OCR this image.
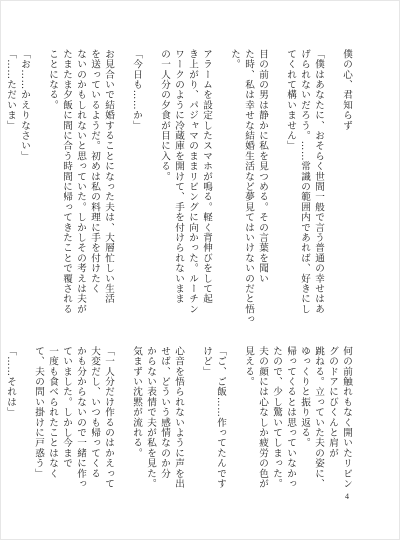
僕の心、君知らず

「僕はあなたに、おそらく世間一般で言う普通の幸せはあ
げられないだろう。……常識の範囲内であれば、好きにし
てくれて構いません」

目の前の男は静かに私を見つめる。その言葉を聞い
た時、私は幸せな結婚生活など夢見てはいけないのだと悟った。

アラームを設定したスマホが鳴る。軽く背伸びをして起
き上がり、パジャマのままリビングに向かった。ルーチン
ワークのように冷蔵庫を開けて、手を付けられないまま
の一人分の夕食が目に入る。

「今日も……か」

お見合いで結婚することになった夫は、大層忙しい生活
を送っているようだ。初めは私の料理に手を付けたく
ないのかもしれないと思っていた。しかしその考えは夫が
たまたま夕飯に間に合う時間に帰ってきたことで覆される
ことになる。

「お……かえりなさい」
「……ただいま」
何の前触れもなく開いたリビングのドアにびくんと肩が
跳ねる。立っていた夫の姿に、ゆっくりと振り返る。
帰ってくるとは思っていなかったので、少し驚いてしまった。
夫の顔には心なしか疲労の色が見える。

「ご、ご飯……作ってたんですけど」

心音を悟られないように声を出せば、どういう感情なのか分
からない表情で夫が私を見た。気まずい沈黙が流れる。

「一人分だけ作るのはかえって大変だし、いつも帰ってくる
かも分からないので一緒に作っていました。しかし今まで
一度も食べられたことはなくて、夫の問い掛けに戸惑う」

「……それは」

4
